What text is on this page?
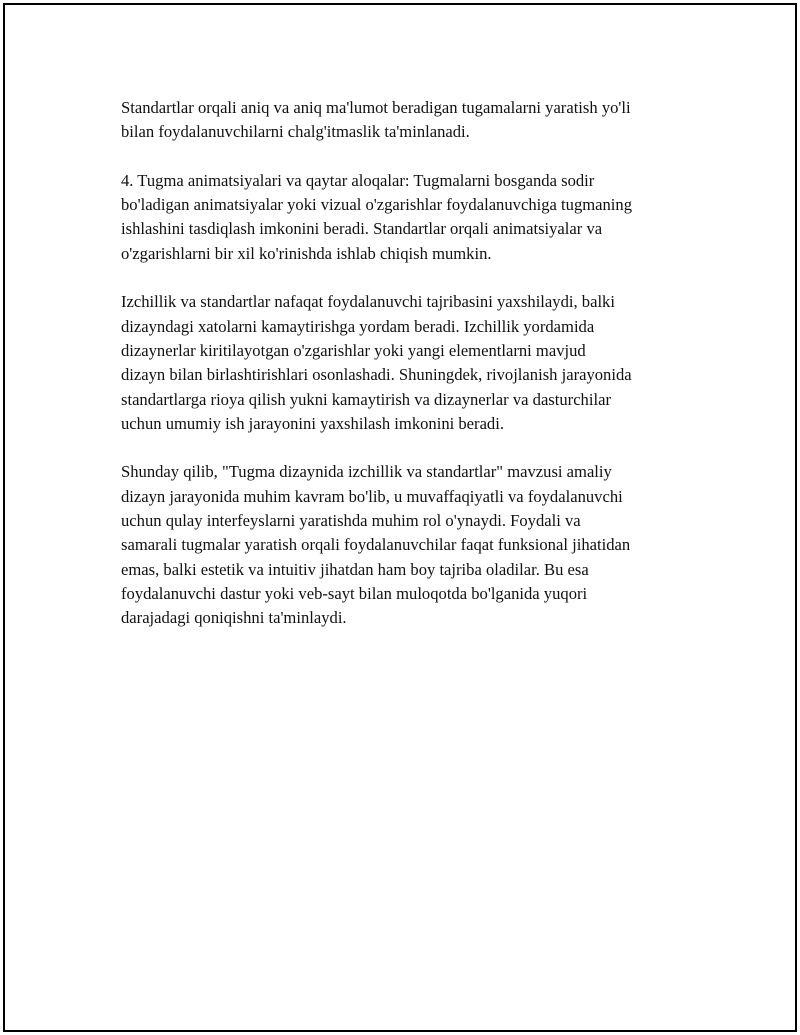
Standartlar orqali aniq va aniq ma'lumot beradigan tugamalarni yaratish yo'li
bilan foydalanuvchilarni chalg'itmaslik ta'minlanadi.

4. Tugma animatsiyalari va qaytar aloqalar: Tugmalarni bosganda sodir
bo'ladigan animatsiyalar yoki vizual o'zgarishlar foydalanuvchiga tugmaning
ishlashini tasdiqlash imkonini beradi. Standartlar orqali animatsiyalar va
o'zgarishlarni bir xil ko'rinishda ishlab chiqish mumkin.

Izchillik va standartlar nafaqat foydalanuvchi tajribasini yaxshilaydi, balki
dizayndagi xatolarni kamaytirishga yordam beradi. Izchillik yordamida
dizaynerlar kiritilayotgan o'zgarishlar yoki yangi elementlarni mavjud
dizayn bilan birlashtirishlari osonlashadi. Shuningdek, rivojlanish jarayonida
standartlarga rioya qilish yukni kamaytirish va dizaynerlar va dasturchilar
uchun umumiy ish jarayonini yaxshilash imkonini beradi.

Shunday qilib, "Tugma dizaynida izchillik va standartlar" mavzusi amaliy
dizayn jarayonida muhim kavram bo'lib, u muvaffaqiyatli va foydalanuvchi
uchun qulay interfeyslarni yaratishda muhim rol o'ynaydi. Foydali va
samarali tugmalar yaratish orqali foydalanuvchilar faqat funksional jihatidan
emas, balki estetik va intuitiv jihatdan ham boy tajriba oladilar. Bu esa
foydalanuvchi dastur yoki veb-sayt bilan muloqotda bo'lganida yuqori
darajadagi qoniqishni ta'minlaydi.
